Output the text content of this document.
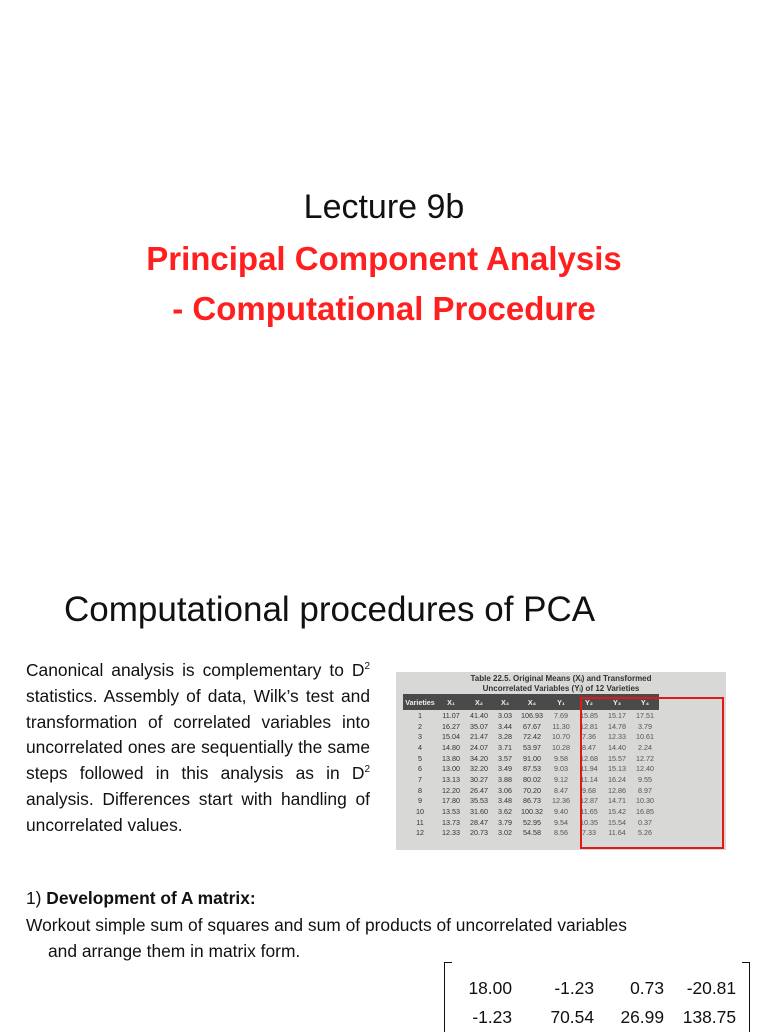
Lecture 9b
Principal Component Analysis
- Computational Procedure
Computational procedures of PCA
Canonical analysis is complementary to $D^2$ statistics. Assembly of data, Wilk’s test and transformation of correlated variables into uncorrelated ones are sequentially the same steps followed in this analysis as in $D^2$ analysis. Differences start with handling of uncorrelated values.
Table 22.5. Original Means (Xᵢ) and Transformed
Uncorrelated Variables (Yᵢ) of 12 Varieties
Varieties	X₁	X₂	X₃	X₄	Y₁	Y₂	Y₃	Y₄
1	11.07	41.40	3.03	106.93	7.69	15.85	15.17	17.51
2	16.27	35.07	3.44	67.67	11.30	12.81	14.78	3.79
3	15.04	21.47	3.28	72.42	10.70	7.36	12.33	10.61
4	14.80	24.07	3.71	53.97	10.28	8.47	14.40	2.24
5	13.80	34.20	3.57	91.00	9.58	12.68	15.57	12.72
6	13.00	32.20	3.49	87.53	9.03	11.94	15.13	12.40
7	13.13	30.27	3.88	80.02	9.12	11.14	16.24	9.55
8	12.20	26.47	3.06	70.20	8.47	9.68	12.86	8.97
9	17.80	35.53	3.48	86.73	12.36	12.87	14.71	10.30
10	13.53	31.60	3.62	100.32	9.40	11.65	15.42	16.85
11	13.73	28.47	3.79	52.95	9.54	10.35	15.54	0.37
12	12.33	20.73	3.02	54.58	8.56	7.33	11.64	5.26
1) Development of A matrix:
Workout simple sum of squares and sum of products of uncorrelated variables
and arrange them in matrix form.
18.00 -1.23 0.73 -20.81
-1.23 70.54 26.99 138.75
